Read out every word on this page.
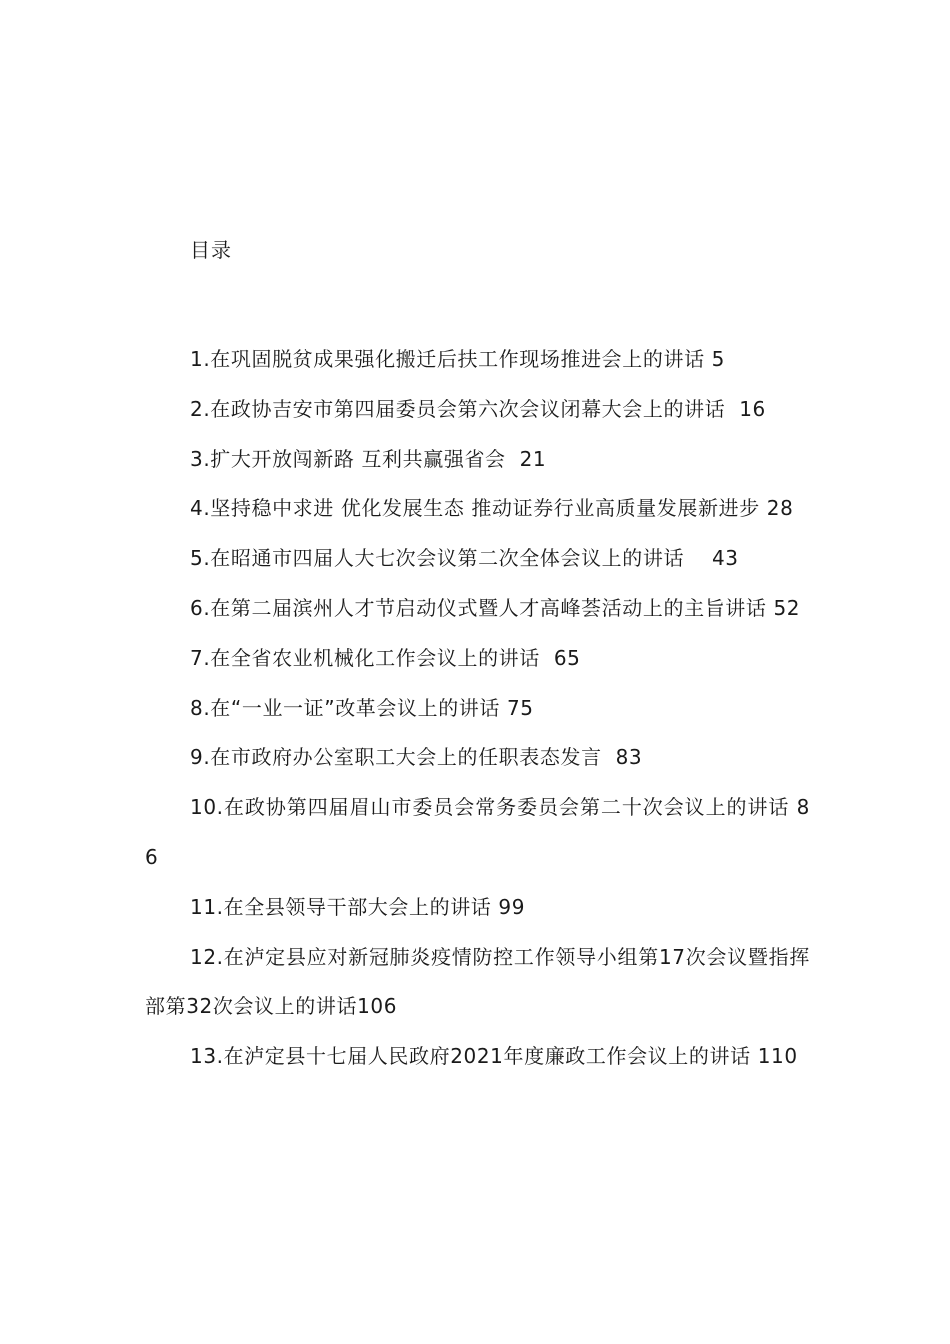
目录
1.在巩固脱贫成果强化搬迁后扶工作现场推进会上的讲话 5
2.在政协吉安市第四届委员会第六次会议闭幕大会上的讲话 16
3.扩大开放闯新路 互利共赢强省会 21
4.坚持稳中求进 优化发展生态 推动证券行业高质量发展新进步 28
5.在昭通市四届人大七次会议第二次全体会议上的讲话 43
6.在第二届滨州人才节启动仪式暨人才高峰荟活动上的主旨讲话 52
7.在全省农业机械化工作会议上的讲话 65
8.在“一业一证”改革会议上的讲话 75
9.在市政府办公室职工大会上的任职表态发言 83
10.在政协第四届眉山市委员会常务委员会第二十次会议上的讲话 86
11.在全县领导干部大会上的讲话 99
12.在泸定县应对新冠肺炎疫情防控工作领导小组第17次会议暨指挥部第32次会议上的讲话106
13.在泸定县十七届人民政府2021年度廉政工作会议上的讲话 110
